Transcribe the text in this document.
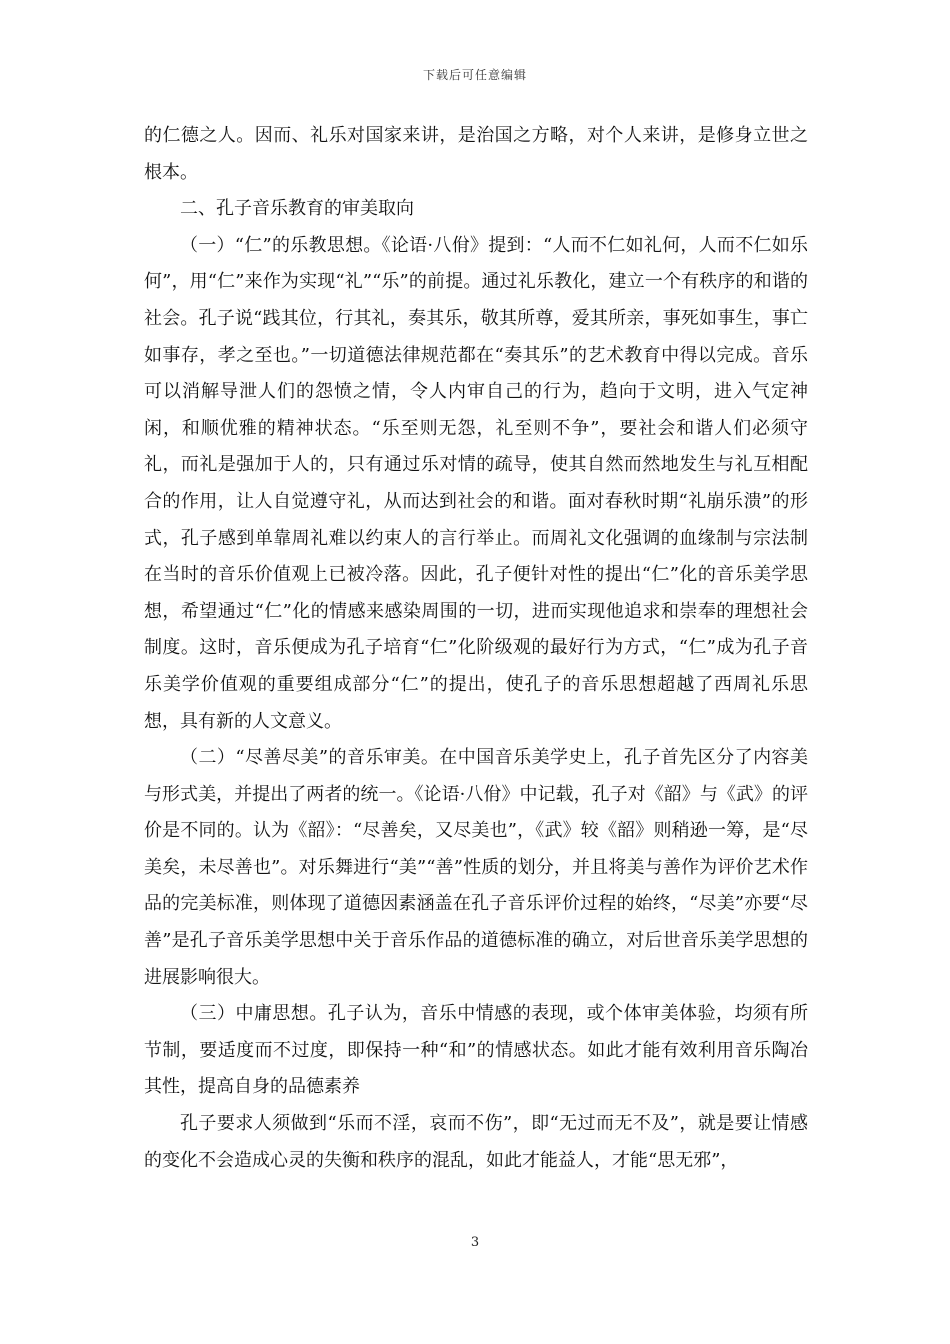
下载后可任意编辑

的仁德之人。因而、礼乐对国家来讲，是治国之方略，对个人来讲，是修身立世之根本。

二、孔子音乐教育的审美取向

（一）“仁”的乐教思想。《论语·八佾》提到：“人而不仁如礼何，人而不仁如乐何”，用“仁”来作为实现“礼”“乐”的前提。通过礼乐教化，建立一个有秩序的和谐的社会。孔子说“践其位，行其礼，奏其乐，敬其所尊，爱其所亲，事死如事生，事亡如事存，孝之至也。”一切道德法律规范都在“奏其乐”的艺术教育中得以完成。音乐可以消解导泄人们的怨愤之情，令人内审自己的行为，趋向于文明，进入气定神闲，和顺优雅的精神状态。“乐至则无怨，礼至则不争”，要社会和谐人们必须守礼，而礼是强加于人的，只有通过乐对情的疏导，使其自然而然地发生与礼互相配合的作用，让人自觉遵守礼，从而达到社会的和谐。面对春秋时期“礼崩乐溃”的形式，孔子感到单靠周礼难以约束人的言行举止。而周礼文化强调的血缘制与宗法制在当时的音乐价值观上已被冷落。因此，孔子便针对性的提出“仁”化的音乐美学思想，希望通过“仁”化的情感来感染周围的一切，进而实现他追求和崇奉的理想社会制度。这时，音乐便成为孔子培育“仁”化阶级观的最好行为方式，“仁”成为孔子音乐美学价值观的重要组成部分“仁”的提出，使孔子的音乐思想超越了西周礼乐思想，具有新的人文意义。

（二）“尽善尽美”的音乐审美。在中国音乐美学史上，孔子首先区分了内容美与形式美，并提出了两者的统一。《论语·八佾》中记载，孔子对《韶》与《武》的评价是不同的。认为《韶》：“尽善矣，又尽美也”，《武》较《韶》则稍逊一筹，是“尽美矣，未尽善也”。对乐舞进行“美”“善”性质的划分，并且将美与善作为评价艺术作品的完美标准，则体现了道德因素涵盖在孔子音乐评价过程的始终，“尽美”亦要“尽善”是孔子音乐美学思想中关于音乐作品的道德标准的确立，对后世音乐美学思想的进展影响很大。

（三）中庸思想。孔子认为，音乐中情感的表现，或个体审美体验，均须有所节制，要适度而不过度，即保持一种“和”的情感状态。如此才能有效利用音乐陶冶其性，提高自身的品德素养

孔子要求人须做到“乐而不淫，哀而不伤”，即“无过而无不及”，就是要让情感的变化不会造成心灵的失衡和秩序的混乱，如此才能益人，才能“思无邪”，

3
